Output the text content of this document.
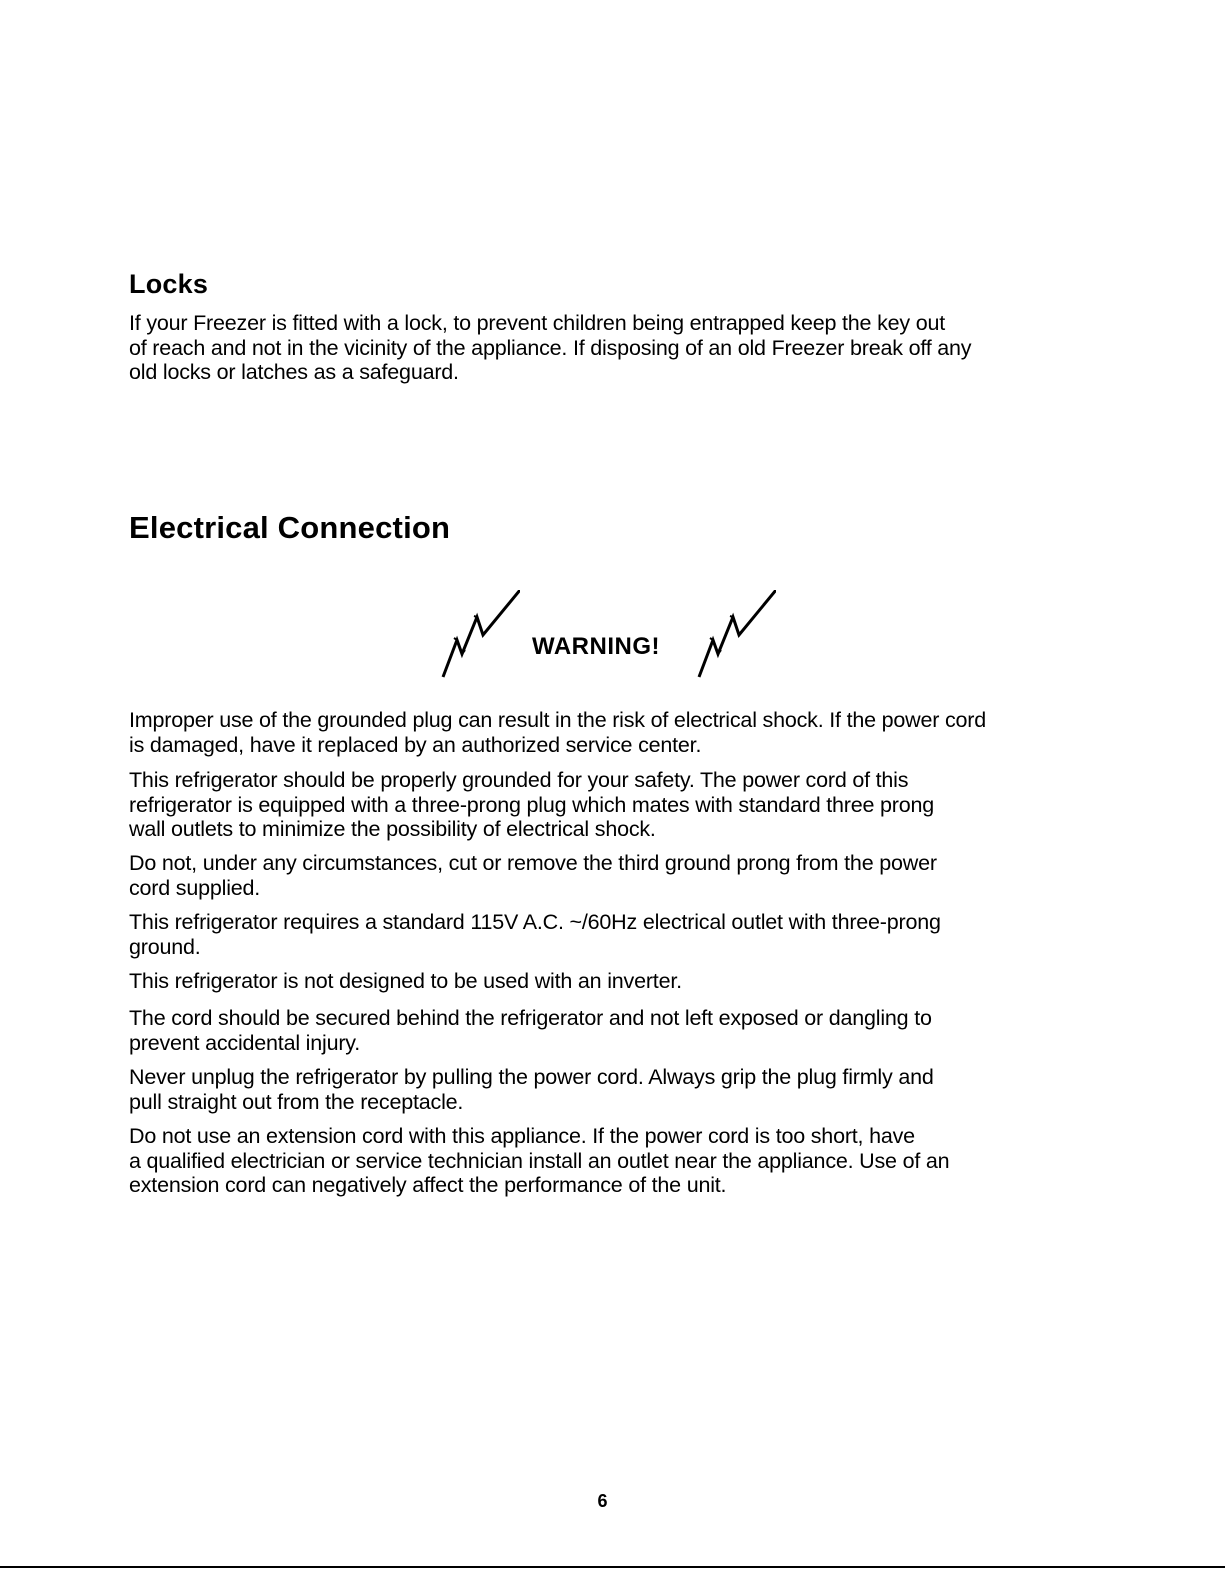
Locks

If your Freezer is fitted with a lock, to prevent children being entrapped keep the key out
of reach and not in the vicinity of the appliance. If disposing of an old Freezer break off any
old locks or latches as a safeguard.

Electrical Connection
WARNING!

Improper use of the grounded plug can result in the risk of electrical shock. If the power cord
is damaged, have it replaced by an authorized service center.

This refrigerator should be properly grounded for your safety. The power cord of this
refrigerator is equipped with a three-prong plug which mates with standard three prong
wall outlets to minimize the possibility of electrical shock.

Do not, under any circumstances, cut or remove the third ground prong from the power
cord supplied.

This refrigerator requires a standard 115V A.C. ~/60Hz electrical outlet with three-prong
ground.

This refrigerator is not designed to be used with an inverter.

The cord should be secured behind the refrigerator and not left exposed or dangling to
prevent accidental injury.

Never unplug the refrigerator by pulling the power cord. Always grip the plug firmly and
pull straight out from the receptacle.

Do not use an extension cord with this appliance. If the power cord is too short, have
a qualified electrician or service technician install an outlet near the appliance. Use of an
extension cord can negatively affect the performance of the unit.

6
